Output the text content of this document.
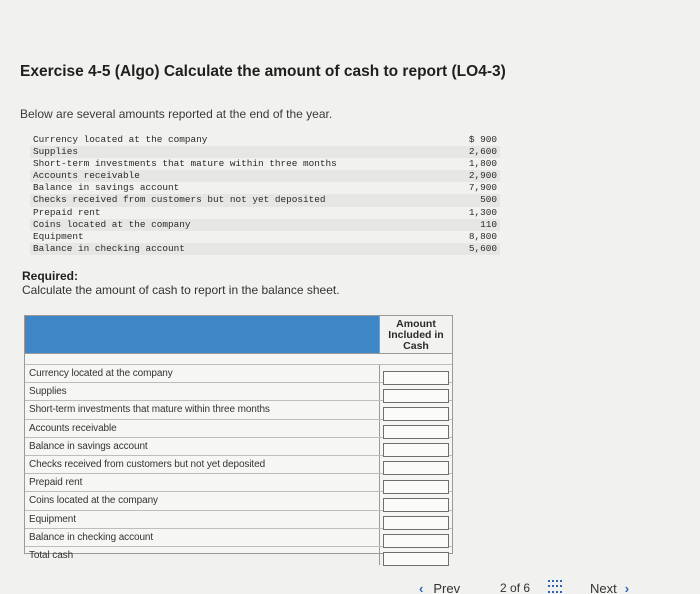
Exercise 4-5 (Algo) Calculate the amount of cash to report (LO4-3)
Below are several amounts reported at the end of the year.
Currency located at the company	$ 900
Supplies	2,600
Short-term investments that mature within three months	1,800
Accounts receivable	2,900
Balance in savings account	7,900
Checks received from customers but not yet deposited	500
Prepaid rent	1,300
Coins located at the company	110
Equipment	8,800
Balance in checking account	5,600
Required:
Calculate the amount of cash to report in the balance sheet.
Amount Included in Cash
Currency located at the company
Supplies
Short-term investments that mature within three months
Accounts receivable
Balance in savings account
Checks received from customers but not yet deposited
Prepaid rent
Coins located at the company
Equipment
Balance in checking account
Total cash
‹ Prev	2
of
6	Next ›
